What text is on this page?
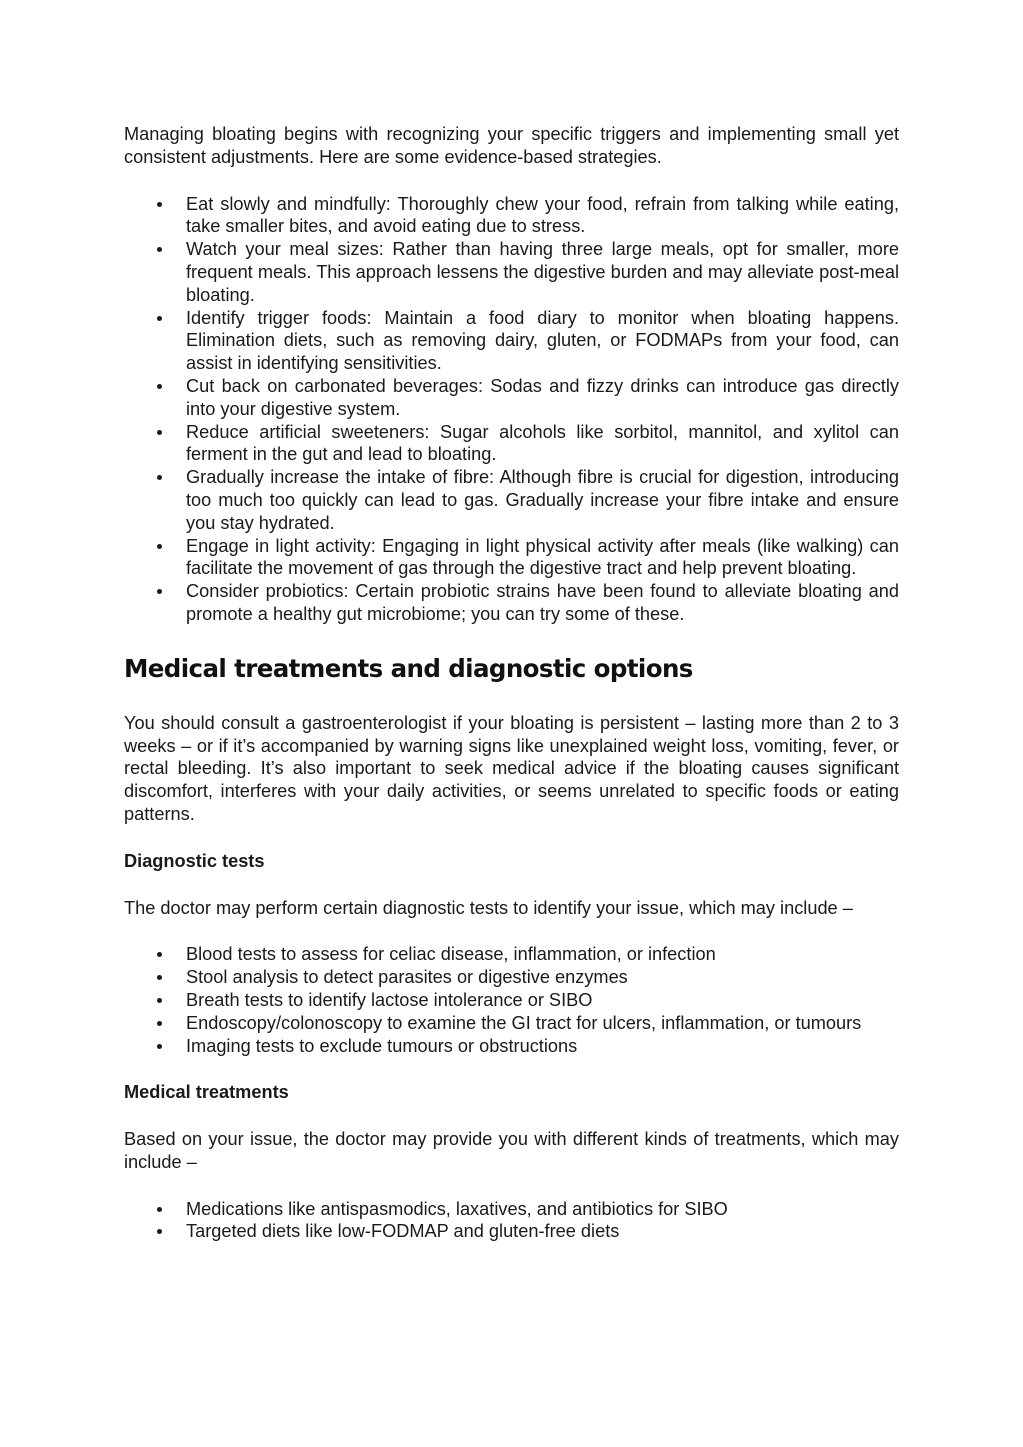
Managing bloating begins with recognizing your specific triggers and implementing small yet consistent adjustments. Here are some evidence-based strategies.

Eat slowly and mindfully: Thoroughly chew your food, refrain from talking while eating, take smaller bites, and avoid eating due to stress.
Watch your meal sizes: Rather than having three large meals, opt for smaller, more frequent meals. This approach lessens the digestive burden and may alleviate post-meal bloating.
Identify trigger foods: Maintain a food diary to monitor when bloating happens. Elimination diets, such as removing dairy, gluten, or FODMAPs from your food, can assist in identifying sensitivities.
Cut back on carbonated beverages: Sodas and fizzy drinks can introduce gas directly into your digestive system.
Reduce artificial sweeteners: Sugar alcohols like sorbitol, mannitol, and xylitol can ferment in the gut and lead to bloating.
Gradually increase the intake of fibre: Although fibre is crucial for digestion, introducing too much too quickly can lead to gas. Gradually increase your fibre intake and ensure you stay hydrated.
Engage in light activity: Engaging in light physical activity after meals (like walking) can facilitate the movement of gas through the digestive tract and help prevent bloating.
Consider probiotics: Certain probiotic strains have been found to alleviate bloating and promote a healthy gut microbiome; you can try some of these.
Medical treatments and diagnostic options

You should consult a gastroenterologist if your bloating is persistent – lasting more than 2 to 3 weeks – or if it’s accompanied by warning signs like unexplained weight loss, vomiting, fever, or rectal bleeding. It’s also important to seek medical advice if the bloating causes significant discomfort, interferes with your daily activities, or seems unrelated to specific foods or eating patterns.

Diagnostic tests

The doctor may perform certain diagnostic tests to identify your issue, which may include –

Blood tests to assess for celiac disease, inflammation, or infection
Stool analysis to detect parasites or digestive enzymes
Breath tests to identify lactose intolerance or SIBO
Endoscopy/colonoscopy to examine the GI tract for ulcers, inflammation, or tumours
Imaging tests to exclude tumours or obstructions
Medical treatments

Based on your issue, the doctor may provide you with different kinds of treatments, which may include –

Medications like antispasmodics, laxatives, and antibiotics for SIBO
Targeted diets like low-FODMAP and gluten-free diets
